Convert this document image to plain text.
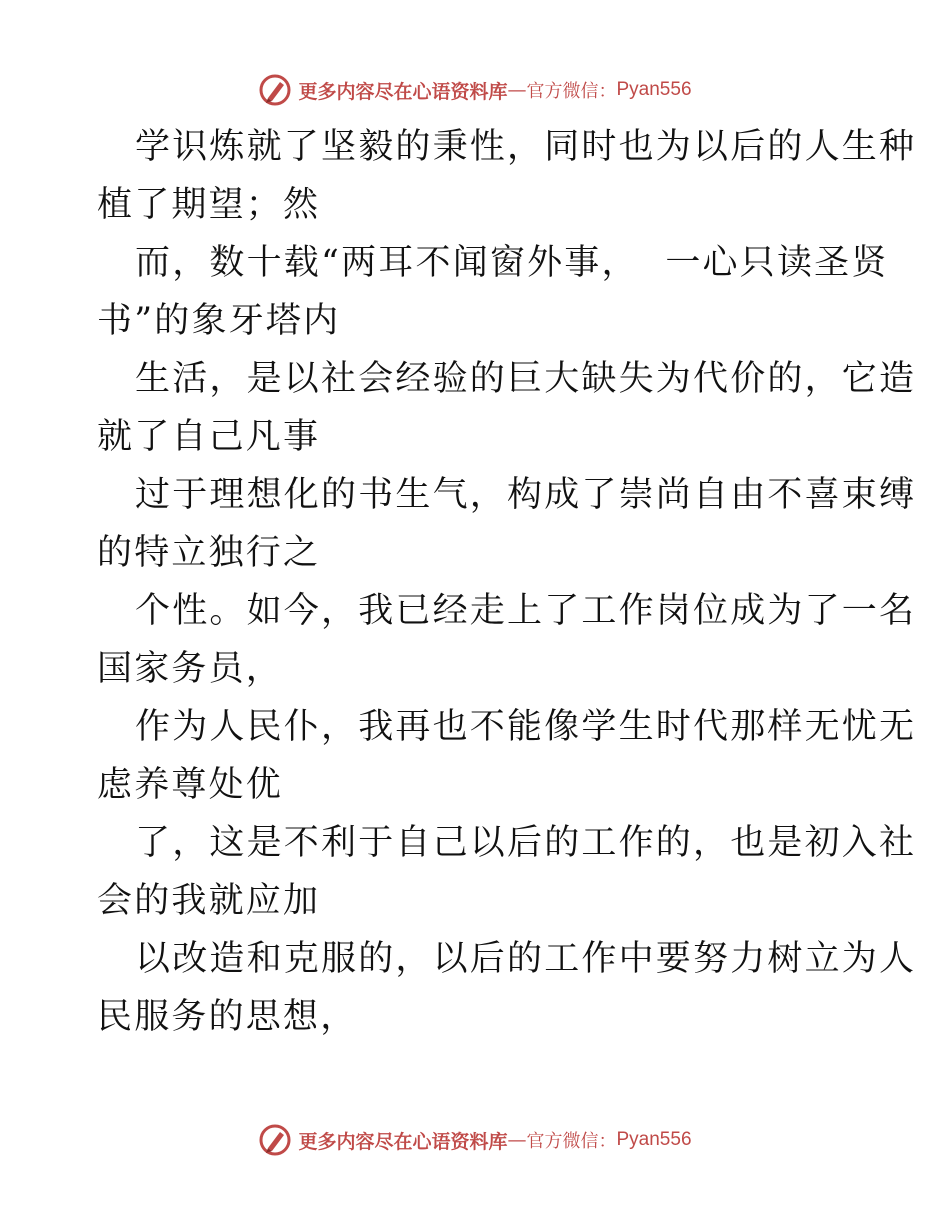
更多内容尽在心语资料库 — 官方微信： Pyan556
学识炼就了坚毅的秉性，同时也为以后的人生种
植了期望；然
而，数十载“两耳不闻窗外事，  一心只读圣贤
书”的象牙塔内
生活，是以社会经验的巨大缺失为代价的，它造
就了自己凡事
过于理想化的书生气，构成了崇尚自由不喜束缚
的特立独行之
个性。如今，我已经走上了工作岗位成为了一名
国家务员，
作为人民仆，我再也不能像学生时代那样无忧无
虑养尊处优
了，这是不利于自己以后的工作的，也是初入社
会的我就应加
以改造和克服的，以后的工作中要努力树立为人
民服务的思想，
更多内容尽在心语资料库 — 官方微信： Pyan556
